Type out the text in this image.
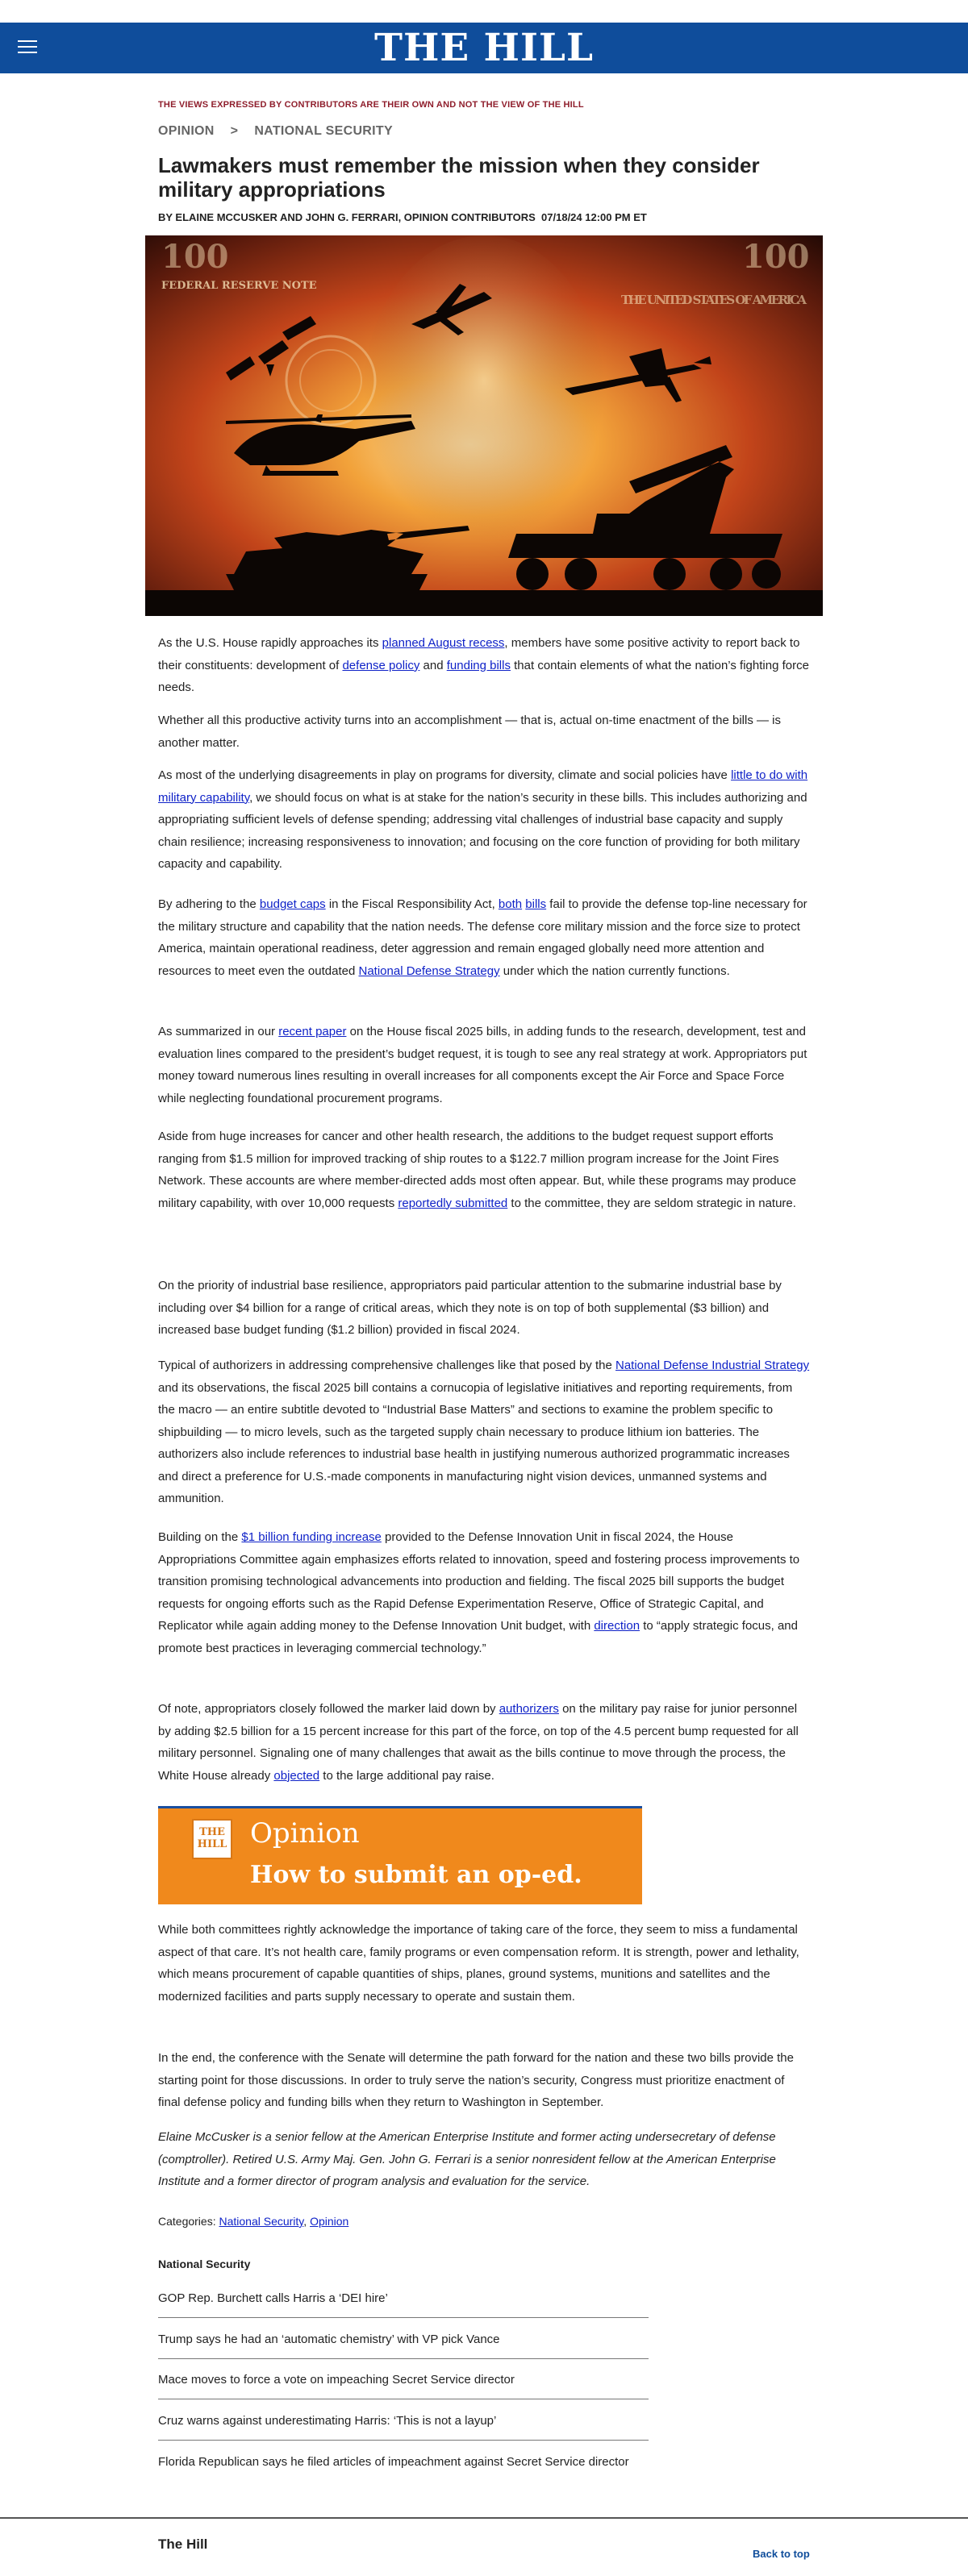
THE HILL
THE VIEWS EXPRESSED BY CONTRIBUTORS ARE THEIR OWN AND NOT THE VIEW OF THE HILL
OPINION > NATIONAL SECURITY
Lawmakers must remember the mission when they consider military appropriations
BY ELAINE MCCUSKER AND JOHN G. FERRARI, OPINION CONTRIBUTORS 07/18/24 12:00 PM ET
FEDERAL RESERVE NOTE
THE UNITED STATES OF AMERICA
100	100

As the U.S. House rapidly approaches its planned August recess, members have some positive activity to report back to their constituents: development of defense policy and funding bills that contain elements of what the nation’s fighting force needs.

Whether all this productive activity turns into an accomplishment — that is, actual on-time enactment of the bills — is another matter.

As most of the underlying disagreements in play on programs for diversity, climate and social policies have little to do with military capability, we should focus on what is at stake for the nation’s security in these bills. This includes authorizing and appropriating sufficient levels of defense spending; addressing vital challenges of industrial base capacity and supply chain resilience; increasing responsiveness to innovation; and focusing on the core function of providing for both military capacity and capability.

By adhering to the budget caps in the Fiscal Responsibility Act, both bills fail to provide the defense top-line necessary for the military structure and capability that the nation needs. The defense core military mission and the force size to protect America, maintain operational readiness, deter aggression and remain engaged globally need more attention and resources to meet even the outdated National Defense Strategy under which the nation currently functions.

As summarized in our recent paper on the House fiscal 2025 bills, in adding funds to the research, development, test and evaluation lines compared to the president’s budget request, it is tough to see any real strategy at work. Appropriators put money toward numerous lines resulting in overall increases for all components except the Air Force and Space Force while neglecting foundational procurement programs.

Aside from huge increases for cancer and other health research, the additions to the budget request support efforts ranging from $1.5 million for improved tracking of ship routes to a $122.7 million program increase for the Joint Fires Network. These accounts are where member-directed adds most often appear. But, while these programs may produce military capability, with over 10,000 requests reportedly submitted to the committee, they are seldom strategic in nature.

On the priority of industrial base resilience, appropriators paid particular attention to the submarine industrial base by including over $4 billion for a range of critical areas, which they note is on top of both supplemental ($3 billion) and increased base budget funding ($1.2 billion) provided in fiscal 2024.

Typical of authorizers in addressing comprehensive challenges like that posed by the National Defense Industrial Strategy and its observations, the fiscal 2025 bill contains a cornucopia of legislative initiatives and reporting requirements, from the macro — an entire subtitle devoted to “Industrial Base Matters” and sections to examine the problem specific to shipbuilding — to micro levels, such as the targeted supply chain necessary to produce lithium ion batteries. The authorizers also include references to industrial base health in justifying numerous authorized programmatic increases and direct a preference for U.S.-made components in manufacturing night vision devices, unmanned systems and ammunition.

Building on the $1 billion funding increase provided to the Defense Innovation Unit in fiscal 2024, the House Appropriations Committee again emphasizes efforts related to innovation, speed and fostering process improvements to transition promising technological advancements into production and fielding. The fiscal 2025 bill supports the budget requests for ongoing efforts such as the Rapid Defense Experimentation Reserve, Office of Strategic Capital, and Replicator while again adding money to the Defense Innovation Unit budget, with direction to “apply strategic focus, and promote best practices in leveraging commercial technology.”

Of note, appropriators closely followed the marker laid down by authorizers on the military pay raise for junior personnel by adding $2.5 billion for a 15 percent increase for this part of the force, on top of the 4.5 percent bump requested for all military personnel. Signaling one of many challenges that await as the bills continue to move through the process, the White House already objected to the large additional pay raise.

While both committees rightly acknowledge the importance of taking care of the force, they seem to miss a fundamental aspect of that care. It’s not health care, family programs or even compensation reform. It is strength, power and lethality, which means procurement of capable quantities of ships, planes, ground systems, munitions and satellites and the modernized facilities and parts supply necessary to operate and sustain them.

In the end, the conference with the Senate will determine the path forward for the nation and these two bills provide the starting point for those discussions. In order to truly serve the nation’s security, Congress must prioritize enactment of final defense policy and funding bills when they return to Washington in September.

Elaine McCusker is a senior fellow at the American Enterprise Institute and former acting undersecretary of defense (comptroller). Retired U.S. Army Maj. Gen. John G. Ferrari is a senior nonresident fellow at the American Enterprise Institute and a former director of program analysis and evaluation for the service.

THE
HILL Opinion
How to submit an op-ed.
Categories: National Security, Opinion
National Security
GOP Rep. Burchett calls Harris a ‘DEI hire’
Trump says he had an ‘automatic chemistry’ with VP pick Vance
Mace moves to force a vote on impeaching Secret Service director
Cruz warns against underestimating Harris: ‘This is not a layup’
Florida Republican says he filed articles of impeachment against Secret Service director
The Hill
Back to top
